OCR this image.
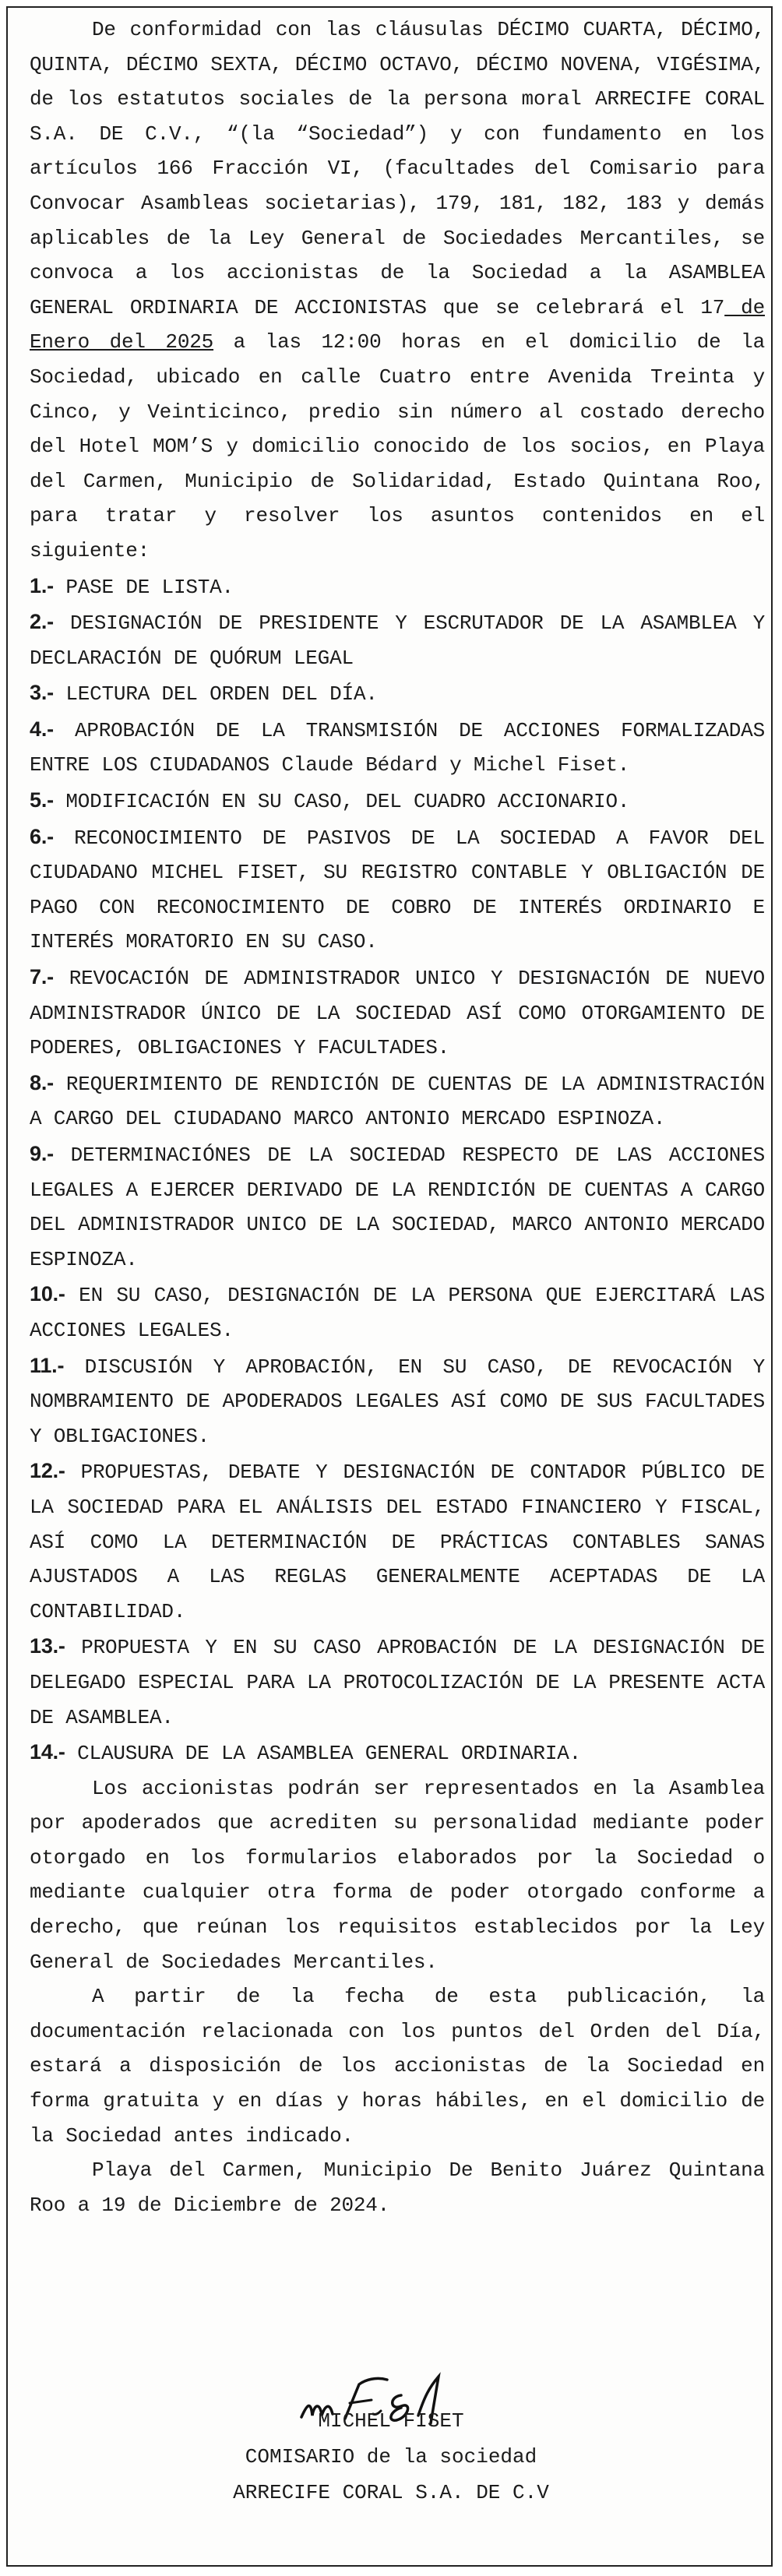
De conformidad con las cláusulas DÉCIMO CUARTA, DÉCIMO, QUINTA, DÉCIMO SEXTA, DÉCIMO OCTAVO, DÉCIMO NOVENA, VIGÉSIMA, de los estatutos sociales de la persona moral ARRECIFE CORAL S.A. DE C.V., “(la “Sociedad”) y con fundamento en los artículos 166 Fracción VI, (facultades del Comisario para Convocar Asambleas societarias), 179, 181, 182, 183 y demás aplicables de la Ley General de Sociedades Mercantiles, se convoca a los accionistas de la Sociedad a la ASAMBLEA GENERAL ORDINARIA DE ACCIONISTAS que se celebrará el 17 de Enero del 2025 a las 12:00 horas en el domicilio de la Sociedad, ubicado en calle Cuatro entre Avenida Treinta y Cinco, y Veinticinco, predio sin número al costado derecho del Hotel MOM’S y domicilio conocido de los socios, en Playa del Carmen, Municipio de Solidaridad, Estado Quintana Roo, para tratar y resolver los asuntos contenidos en el siguiente:

1.- PASE DE LISTA.

2.- DESIGNACIÓN DE PRESIDENTE Y ESCRUTADOR DE LA ASAMBLEA Y DECLARACIÓN DE QUÓRUM LEGAL

3.- LECTURA DEL ORDEN DEL DÍA.

4.- APROBACIÓN DE LA TRANSMISIÓN DE ACCIONES FORMALIZADAS ENTRE LOS CIUDADANOS Claude Bédard y Michel Fiset.

5.- MODIFICACIÓN EN SU CASO, DEL CUADRO ACCIONARIO.

6.- RECONOCIMIENTO DE PASIVOS DE LA SOCIEDAD A FAVOR DEL CIUDADANO MICHEL FISET, SU REGISTRO CONTABLE Y OBLIGACIÓN DE PAGO CON RECONOCIMIENTO DE COBRO DE INTERÉS ORDINARIO E INTERÉS MORATORIO EN SU CASO.

7.- REVOCACIÓN DE ADMINISTRADOR UNICO Y DESIGNACIÓN DE NUEVO ADMINISTRADOR ÚNICO DE LA SOCIEDAD ASÍ COMO OTORGAMIENTO DE PODERES, OBLIGACIONES Y FACULTADES.

8.- REQUERIMIENTO DE RENDICIÓN DE CUENTAS DE LA ADMINISTRACIÓN A CARGO DEL CIUDADANO MARCO ANTONIO MERCADO ESPINOZA.

9.- DETERMINACIÓNES DE LA SOCIEDAD RESPECTO DE LAS ACCIONES LEGALES A EJERCER DERIVADO DE LA RENDICIÓN DE CUENTAS A CARGO DEL ADMINISTRADOR UNICO DE LA SOCIEDAD, MARCO ANTONIO MERCADO ESPINOZA.

10.- EN SU CASO, DESIGNACIÓN DE LA PERSONA QUE EJERCITARÁ LAS ACCIONES LEGALES.

11.- DISCUSIÓN Y APROBACIÓN, EN SU CASO, DE REVOCACIÓN Y NOMBRAMIENTO DE APODERADOS LEGALES ASÍ COMO DE SUS FACULTADES Y OBLIGACIONES.

12.- PROPUESTAS, DEBATE Y DESIGNACIÓN DE CONTADOR PÚBLICO DE LA SOCIEDAD PARA EL ANÁLISIS DEL ESTADO FINANCIERO Y FISCAL, ASÍ COMO LA DETERMINACIÓN DE PRÁCTICAS CONTABLES SANAS AJUSTADOS A LAS REGLAS GENERALMENTE ACEPTADAS DE LA CONTABILIDAD.

13.- PROPUESTA Y EN SU CASO APROBACIÓN DE LA DESIGNACIÓN DE DELEGADO ESPECIAL PARA LA PROTOCOLIZACIÓN DE LA PRESENTE ACTA DE ASAMBLEA.

14.- CLAUSURA DE LA ASAMBLEA GENERAL ORDINARIA.

Los accionistas podrán ser representados en la Asamblea por apoderados que acrediten su personalidad mediante poder otorgado en los formularios elaborados por la Sociedad o mediante cualquier otra forma de poder otorgado conforme a derecho, que reúnan los requisitos establecidos por la Ley General de Sociedades Mercantiles.

A partir de la fecha de esta publicación, la documentación relacionada con los puntos del Orden del Día, estará a disposición de los accionistas de la Sociedad en forma gratuita y en días y horas hábiles, en el domicilio de la Sociedad antes indicado.

Playa del Carmen, Municipio De Benito Juárez Quintana Roo a 19 de Diciembre de 2024.

MICHEL FISET
COMISARIO de la sociedad
ARRECIFE CORAL S.A. DE C.V
